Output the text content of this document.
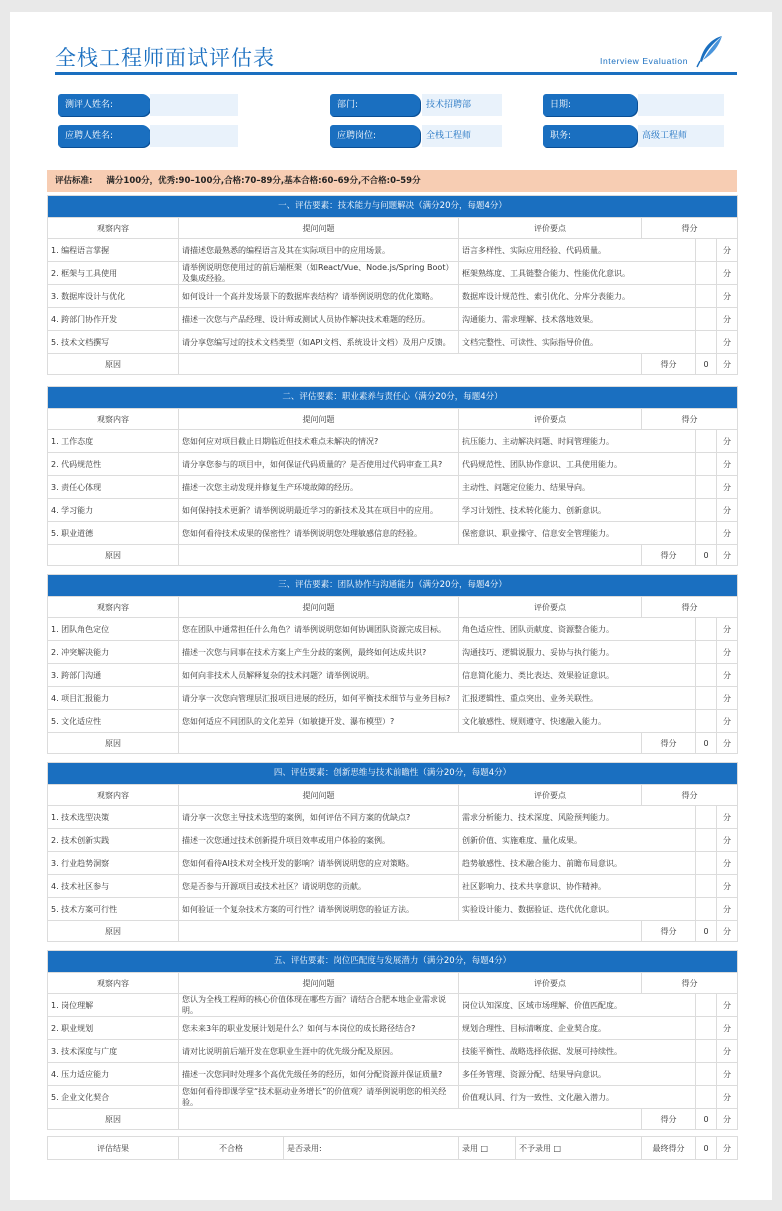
全栈工程师面试评估表	Interview Evaluation
测评人姓名:	部门:	技术招聘部	日期:
应聘人姓名:	应聘岗位:	全栈工程师	职务:	高级工程师
评估标准: 满分100分，优秀:90–100分,合格:70–89分,基本合格:60–69分,不合格:0–59分
一、评估要素：技术能力与问题解决（满分20分，每题4分）					
观察内容	提问问题	评价要点	得分		
1. 编程语言掌握	请描述您最熟悉的编程语言及其在实际项目中的应用场景。	语言多样性、实际应用经验、代码质量。			分
2. 框架与工具使用	请举例说明您使用过的前后端框架（如React/Vue、Node.js/Spring Boot）及集成经验。	框架熟练度、工具链整合能力、性能优化意识。			分
3. 数据库设计与优化	如何设计一个高并发场景下的数据库表结构？请举例说明您的优化策略。	数据库设计规范性、索引优化、分库分表能力。			分
4. 跨部门协作开发	描述一次您与产品经理、设计师或测试人员协作解决技术难题的经历。	沟通能力、需求理解、技术落地效果。			分
5. 技术文档撰写	请分享您编写过的技术文档类型（如API文档、系统设计文档）及用户反馈。	文档完整性、可读性、实际指导价值。			分
原因			得分	0	分
二、评估要素：职业素养与责任心（满分20分，每题4分）					
观察内容	提问问题	评价要点	得分		
1. 工作态度	您如何应对项目截止日期临近但技术难点未解决的情况?	抗压能力、主动解决问题、时间管理能力。			分
2. 代码规范性	请分享您参与的项目中，如何保证代码质量的？是否使用过代码审查工具?	代码规范性、团队协作意识、工具使用能力。			分
3. 责任心体现	描述一次您主动发现并修复生产环境故障的经历。	主动性、问题定位能力、结果导向。			分
4. 学习能力	如何保持技术更新？请举例说明最近学习的新技术及其在项目中的应用。	学习计划性、技术转化能力、创新意识。			分
5. 职业道德	您如何看待技术成果的保密性？请举例说明您处理敏感信息的经验。	保密意识、职业操守、信息安全管理能力。			分
原因			得分	0	分
三、评估要素：团队协作与沟通能力（满分20分，每题4分）					
观察内容	提问问题	评价要点	得分		
1. 团队角色定位	您在团队中通常担任什么角色？请举例说明您如何协调团队资源完成目标。	角色适应性、团队贡献度、资源整合能力。			分
2. 冲突解决能力	描述一次您与同事在技术方案上产生分歧的案例，最终如何达成共识?	沟通技巧、逻辑说服力、妥协与执行能力。			分
3. 跨部门沟通	如何向非技术人员解释复杂的技术问题？请举例说明。	信息简化能力、类比表达、效果验证意识。			分
4. 项目汇报能力	请分享一次您向管理层汇报项目进展的经历，如何平衡技术细节与业务目标?	汇报逻辑性、重点突出、业务关联性。			分
5. 文化适应性	您如何适应不同团队的文化差异（如敏捷开发、瀑布模型）?	文化敏感性、规则遵守、快速融入能力。			分
原因			得分	0	分
四、评估要素：创新思维与技术前瞻性（满分20分，每题4分）					
观察内容	提问问题	评价要点	得分		
1. 技术选型决策	请分享一次您主导技术选型的案例，如何评估不同方案的优缺点?	需求分析能力、技术深度、风险预判能力。			分
2. 技术创新实践	描述一次您通过技术创新提升项目效率或用户体验的案例。	创新价值、实施难度、量化成果。			分
3. 行业趋势洞察	您如何看待AI技术对全栈开发的影响？请举例说明您的应对策略。	趋势敏感性、技术融合能力、前瞻布局意识。			分
4. 技术社区参与	您是否参与开源项目或技术社区？请说明您的贡献。	社区影响力、技术共享意识、协作精神。			分
5. 技术方案可行性	如何验证一个复杂技术方案的可行性？请举例说明您的验证方法。	实验设计能力、数据验证、迭代优化意识。			分
原因			得分	0	分
五、评估要素：岗位匹配度与发展潜力（满分20分，每题4分）					
观察内容	提问问题	评价要点	得分		
1. 岗位理解	您认为全栈工程师的核心价值体现在哪些方面？请结合合肥本地企业需求说明。	岗位认知深度、区域市场理解、价值匹配度。			分
2. 职业规划	您未来3年的职业发展计划是什么？如何与本岗位的成长路径结合?	规划合理性、目标清晰度、企业契合度。			分
3. 技术深度与广度	请对比说明前后端开发在您职业生涯中的优先级分配及原因。	技能平衡性、战略选择依据、发展可持续性。			分
4. 压力适应能力	描述一次您同时处理多个高优先级任务的经历，如何分配资源并保证质量?	多任务管理、资源分配、结果导向意识。			分
5. 企业文化契合	您如何看待即课学堂“技术驱动业务增长”的价值观？请举例说明您的相关经验。	价值观认同、行为一致性、文化融入潜力。			分
原因			得分	0	分
评估结果	不合格	是否录用:	录用 □	不予录用 □	最终得分	0	分
